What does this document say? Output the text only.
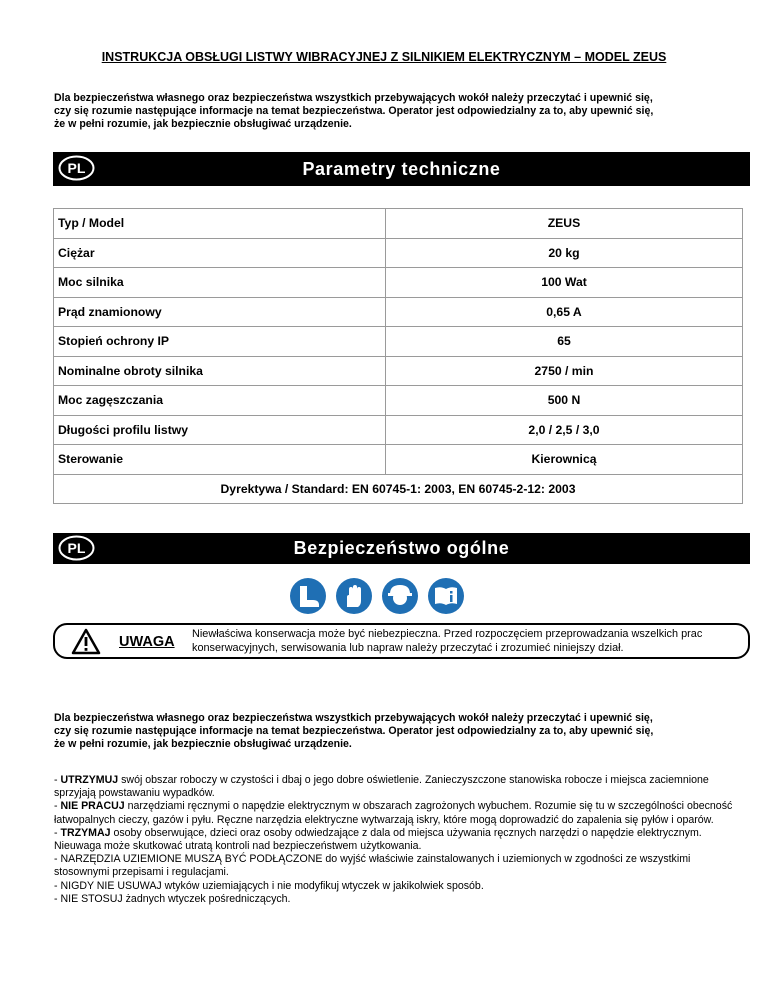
INSTRUKCJA OBSŁUGI LISTWY WIBRACYJNEJ Z SILNIKIEM ELEKTRYCZNYM – MODEL ZEUS
Dla bezpieczeństwa własnego oraz bezpieczeństwa wszystkich przebywających wokół należy przeczytać i upewnić się,
czy się rozumie następujące informacje na temat bezpieczeństwa. Operator jest odpowiedzialny za to, aby upewnić się,
że w pełni rozumie, jak bezpiecznie obsługiwać urządzenie.
PL	Parametry techniczne
Typ / Model	ZEUS
Ciężar	20 kg
Moc silnika	100 Wat
Prąd znamionowy	0,65 A
Stopień ochrony IP	65
Nominalne obroty silnika	2750 / min
Moc zagęszczania	500 N
Długości profilu listwy	2,0 / 2,5 / 3,0
Sterowanie	Kierownicą
Dyrektywa / Standard: EN 60745-1: 2003, EN 60745-2-12: 2003	
PL	Bezpieczeństwo ogólne
UWAGA Niewłaściwa konserwacja może być niebezpieczna. Przed rozpoczęciem przeprowadzania wszelkich prac
konserwacyjnych, serwisowania lub napraw należy przeczytać i zrozumieć niniejszy dział.
Dla bezpieczeństwa własnego oraz bezpieczeństwa wszystkich przebywających wokół należy przeczytać i upewnić się,
czy się rozumie następujące informacje na temat bezpieczeństwa. Operator jest odpowiedzialny za to, aby upewnić się,
że w pełni rozumie, jak bezpiecznie obsługiwać urządzenie.

- UTRZYMUJ swój obszar roboczy w czystości i dbaj o jego dobre oświetlenie. Zanieczyszczone stanowiska robocze i miejsca zaciemnione sprzyjają powstawaniu wypadków.

- NIE PRACUJ narzędziami ręcznymi o napędzie elektrycznym w obszarach zagrożonych wybuchem. Rozumie się tu w szczególności obecność łatwopalnych cieczy, gazów i pyłu. Ręczne narzędzia elektryczne wytwarzają iskry, które mogą doprowadzić do zapalenia się pyłów i oparów.

- TRZYMAJ osoby obserwujące, dzieci oraz osoby odwiedzające z dala od miejsca używania ręcznych narzędzi o napędzie elektrycznym. Nieuwaga może skutkować utratą kontroli nad bezpieczeństwem użytkowania.

- NARZĘDZIA UZIEMIONE MUSZĄ BYĆ PODŁĄCZONE do wyjść właściwie zainstalowanych i uziemionych w zgodności ze wszystkimi stosownymi przepisami i regulacjami.

- NIGDY NIE USUWAJ wtyków uziemiających i nie modyfikuj wtyczek w jakikolwiek sposób.

- NIE STOSUJ żadnych wtyczek pośredniczących.
